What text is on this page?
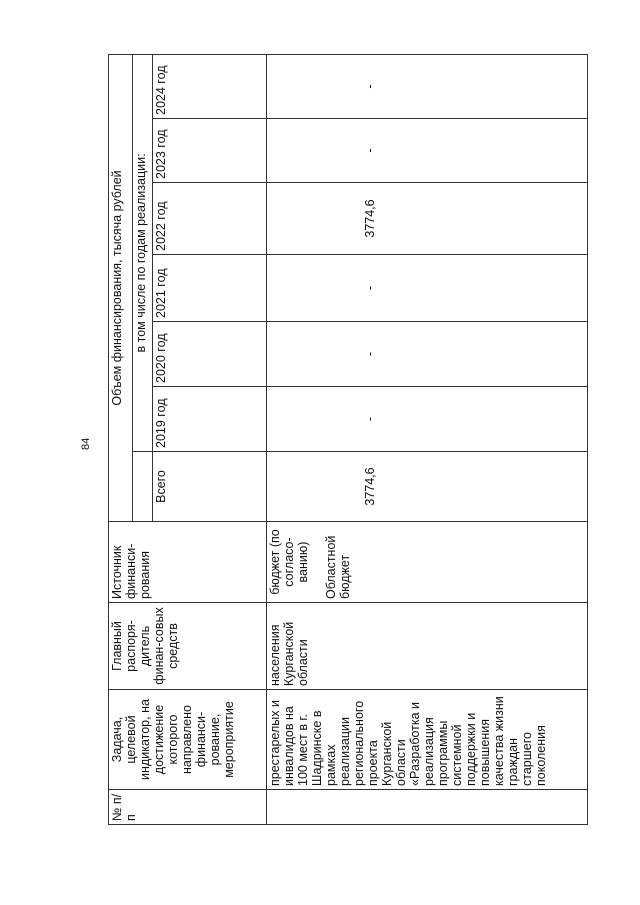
84
№ п/п	Задача, целевой индикатор, на достижение которого направлено финанси-рование, мероприятие	Главный распоря-дитель финан-совых средств	Источник финанси-рования	Объем финансирования, тысяча рублей						
					в том числе по годам реализации:					
				Всего	2019 год	2020 год	2021 год	2022 год	2023 год	2024 год
	престарелых и инвалидов на 100 мест в г. Шадринске в рамках реализации регионального проекта Курганской области «Разработка и реализация программы системной поддержки и повышения качества жизни граждан старшего поколения	населения Курганской области	бюджет (по согласо-ванию) Областной бюджет	3774,6	-	-	-	3774,6	-	-
